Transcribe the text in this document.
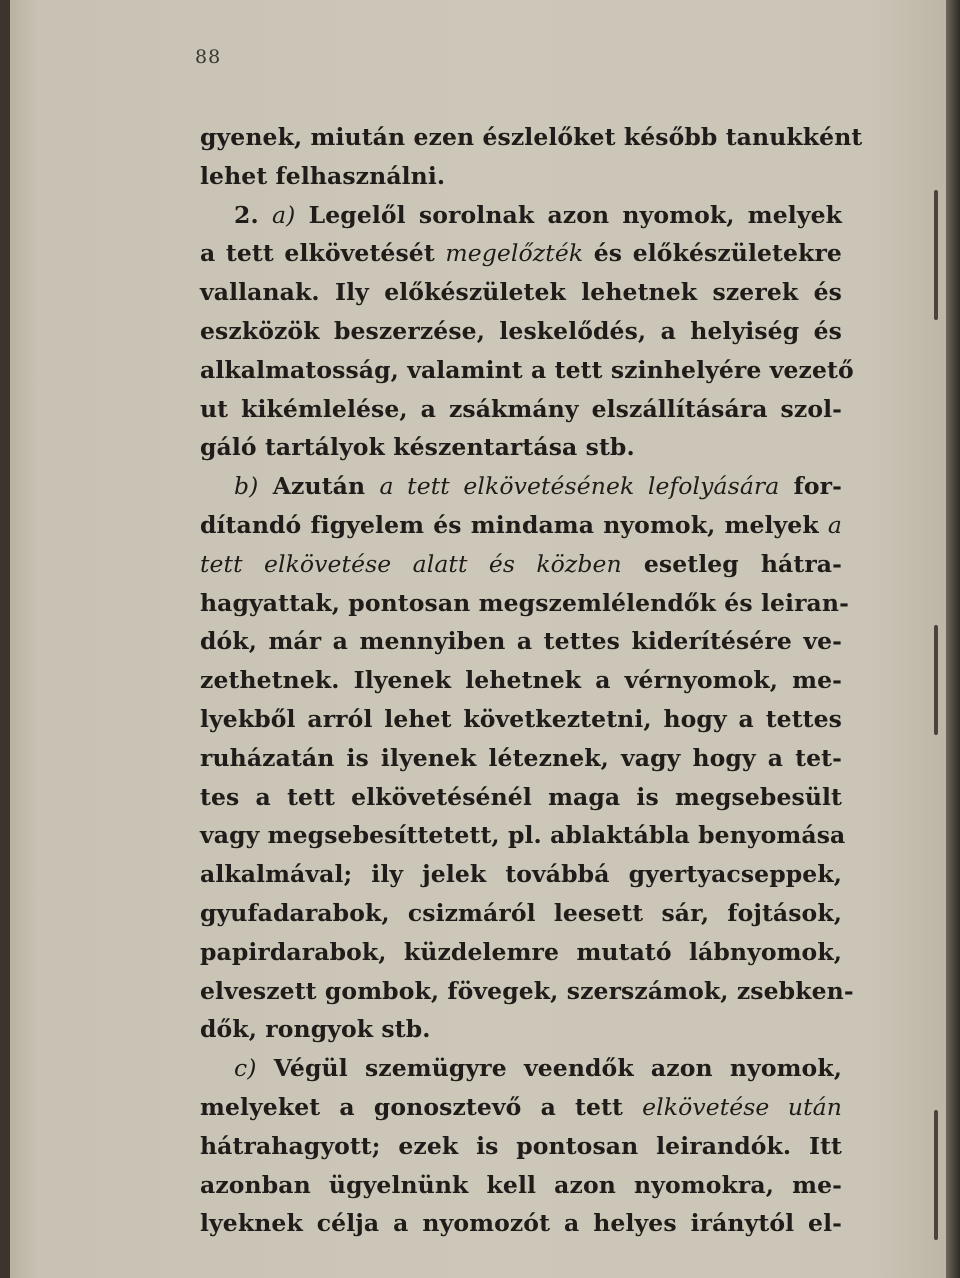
88
gyenek, miután ezen észlelőket később tanukként
lehet felhasználni.
2. a) Legelől sorolnak azon nyomok, melyek
a tett elkövetését megelőzték és előkészületekre
vallanak. Ily előkészületek lehetnek szerek és
eszközök beszerzése, leskelődés, a helyiség és
alkalmatosság, valamint a tett szinhelyére vezető
ut kikémlelése, a zsákmány elszállítására szol-
gáló tartályok készentartása stb.
b) Azután a tett elkövetésének lefolyására for-
dítandó figyelem és mindama nyomok, melyek a
tett elkövetése alatt és közben esetleg hátra-
hagyattak, pontosan megszemlélendők és leiran-
dók, már a mennyiben a tettes kiderítésére ve-
zethetnek. Ilyenek lehetnek a vérnyomok, me-
lyekből arról lehet következtetni, hogy a tettes
ruházatán is ilyenek léteznek, vagy hogy a tet-
tes a tett elkövetésénél maga is megsebesült
vagy megsebesíttetett, pl. ablaktábla benyomása
alkalmával; ily jelek továbbá gyertyacseppek,
gyufadarabok, csizmáról leesett sár, fojtások,
papirdarabok, küzdelemre mutató lábnyomok,
elveszett gombok, fövegek, szerszámok, zsebken-
dők, rongyok stb.
c) Végül szemügyre veendők azon nyomok,
melyeket a gonosztevő a tett elkövetése után
hátrahagyott; ezek is pontosan leirandók. Itt
azonban ügyelnünk kell azon nyomokra, me-
lyeknek célja a nyomozót a helyes iránytól el-
